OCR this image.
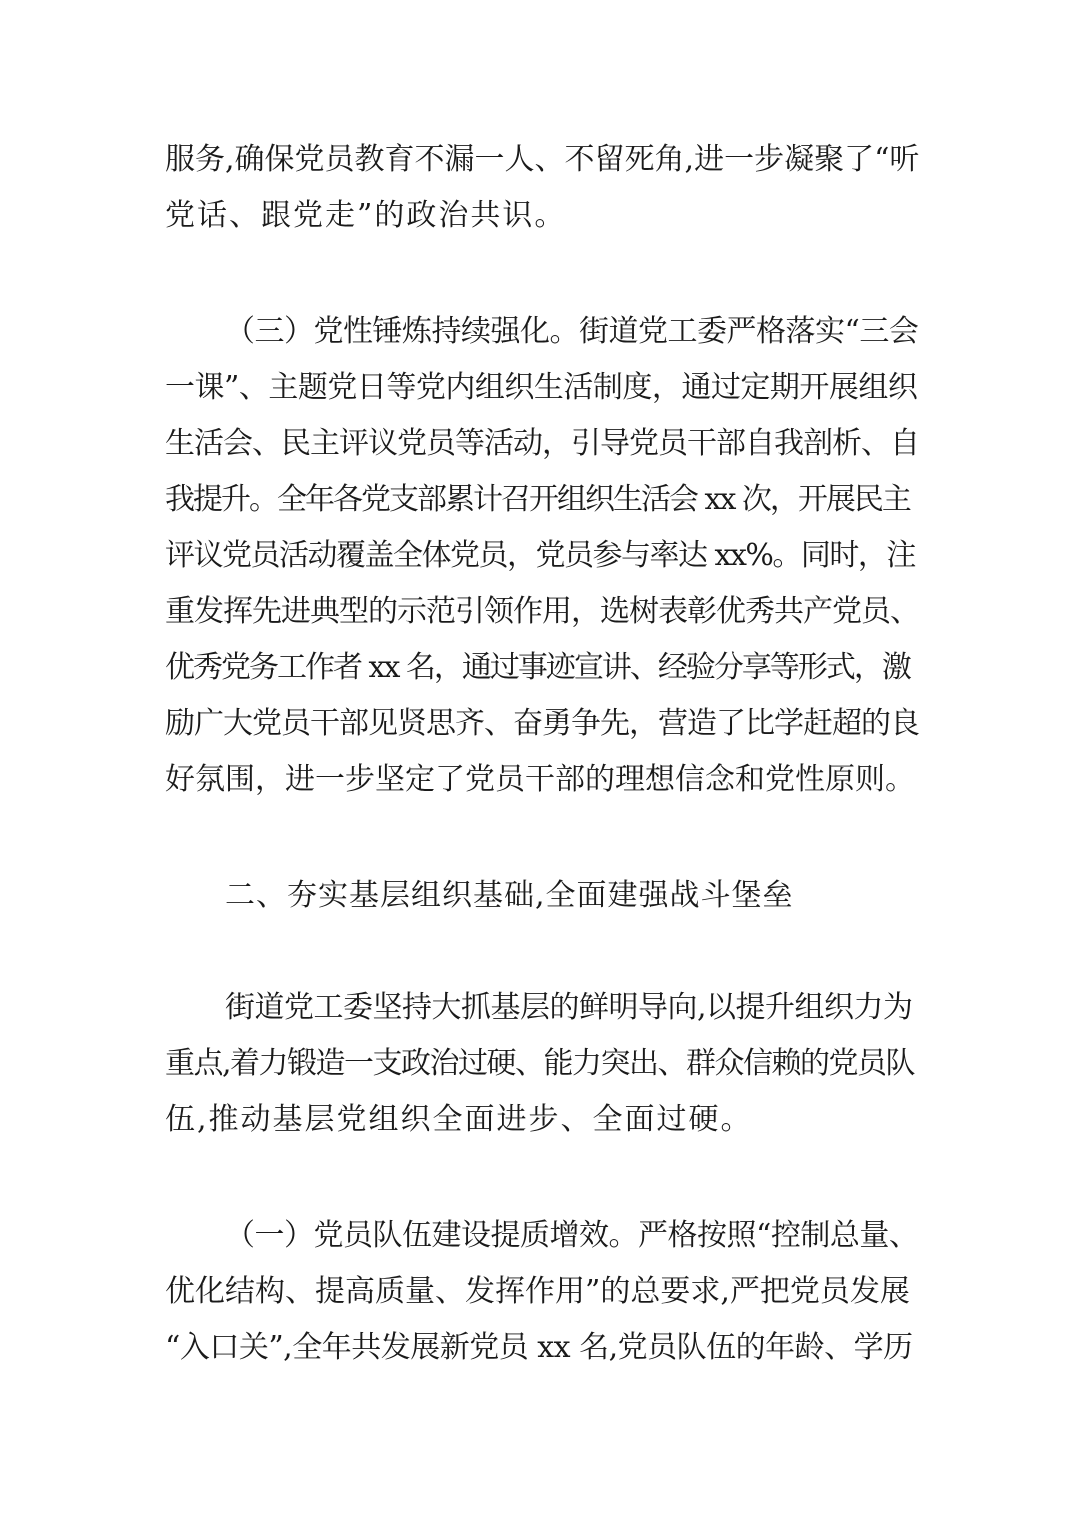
服务,确保党员教育不漏一人、不留死角,进一步凝聚了“听
党话、跟党走”的政治共识。
（三）党性锤炼持续强化。街道党工委严格落实“三会
一课”、主题党日等党内组织生活制度，通过定期开展组织
生活会、民主评议党员等活动，引导党员干部自我剖析、自
我提升。全年各党支部累计召开组织生活会 xx 次，开展民主
评议党员活动覆盖全体党员，党员参与率达 xx%。同时，注
重发挥先进典型的示范引领作用，选树表彰优秀共产党员、
优秀党务工作者 xx 名，通过事迹宣讲、经验分享等形式，激
励广大党员干部见贤思齐、奋勇争先，营造了比学赶超的良
好氛围，进一步坚定了党员干部的理想信念和党性原则。
二、夯实基层组织基础,全面建强战斗堡垒
街道党工委坚持大抓基层的鲜明导向,以提升组织力为
重点,着力锻造一支政治过硬、能力突出、群众信赖的党员队
伍,推动基层党组织全面进步、全面过硬。
（一）党员队伍建设提质增效。严格按照“控制总量、
优化结构、提高质量、发挥作用”的总要求,严把党员发展
“入口关”,全年共发展新党员 xx 名,党员队伍的年龄、学历
